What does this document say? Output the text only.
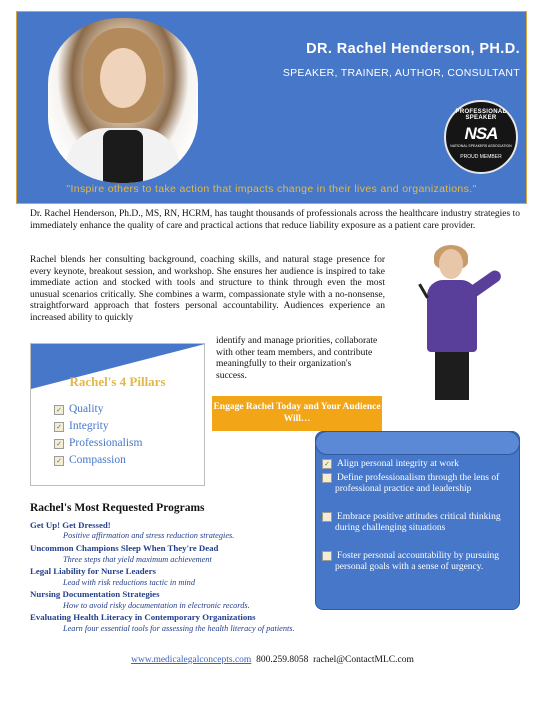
DR. Rachel Henderson, PH.D.
SPEAKER, TRAINER, AUTHOR, CONSULTANT
PROFESSIONAL SPEAKER
NSA
NATIONAL SPEAKERS ASSOCIATION
PROUD MEMBER
"Inspire others to take action that impacts change in their lives and organizations."
Dr. Rachel Henderson, Ph.D., MS, RN, HCRM, has taught thousands of professionals across the healthcare industry strategies to immediately enhance the quality of care and practical actions that reduce liability exposure as a patient care provider.
Rachel blends her consulting background, coaching skills, and natural stage presence for every keynote, breakout session, and workshop. She ensures her audience is inspired to take immediate action and stocked with tools and structure to think through even the most unusual scenarios critically. She combines a warm, compassionate style with a no-nonsense, straightforward approach that fosters personal accountability. Audiences experience an increased ability to quickly
identify and manage priorities, collaborate with other team members, and contribute meaningfully to their organization's success.
Rachel's 4 Pillars
✓ Quality
✓ Integrity
✓ Professionalism
✓ Compassion
Engage Rachel Today and Your Audience Will…
✓ Align personal integrity at work
✓ Define professionalism through the lens of professional practice and leadership
✓ Embrace positive attitudes critical thinking during challenging situations
✓ Foster personal accountability by pursuing personal goals with a sense of urgency.
Rachel's Most Requested Programs
Get Up! Get Dressed!
Positive affirmation and stress reduction strategies.
Uncommon Champions Sleep When They're Dead
Three steps that yield maximum achievement
Legal Liability for Nurse Leaders
Lead with risk reductions tactic in mind
Nursing Documentation Strategies
How to avoid risky documentation in electronic records.
Evaluating Health Literacy in Contemporary Organizations
Learn four essential tools for assessing the health literacy of patients.
www.medicalegalconcepts.com 800.259.8058 rachel@ContactMLC.com
